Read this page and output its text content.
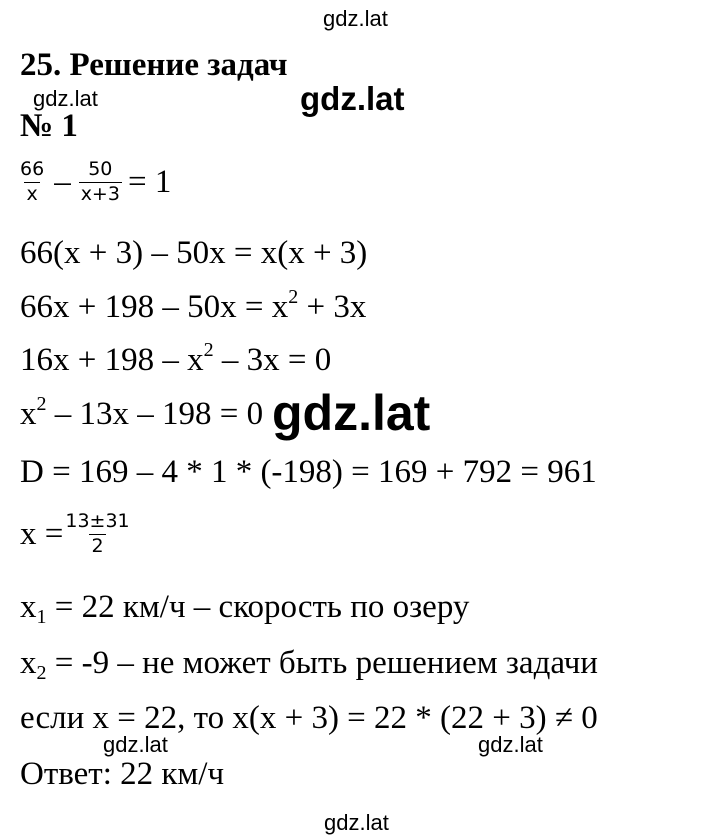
gdz.lat
25. Решение задач
gdz.lat	gdz.lat
№ 1
$\frac{66}{x} - \frac{50}{x+3} = 1$
66(x + 3) – 50x = x(x + 3)
$66x + 198 - 50x = x^2 + 3x$
$16x + 198 - x^2 - 3x = 0$
$x^2 - 13x - 198 = 0$ gdz.lat
D = 169 – 4 * 1 * (-198) = 169 + 792 = 961
$x = \frac{13\pm 31}{2}$
$x_1 = 22$ км/ч – скорость по озеру
$x_2 = -9$ – не может быть решением задачи
если x = 22, то x(x + 3) = 22 * (22 + 3) ≠ 0
gdz.lat	gdz.lat
Ответ: 22 км/ч
gdz.lat
